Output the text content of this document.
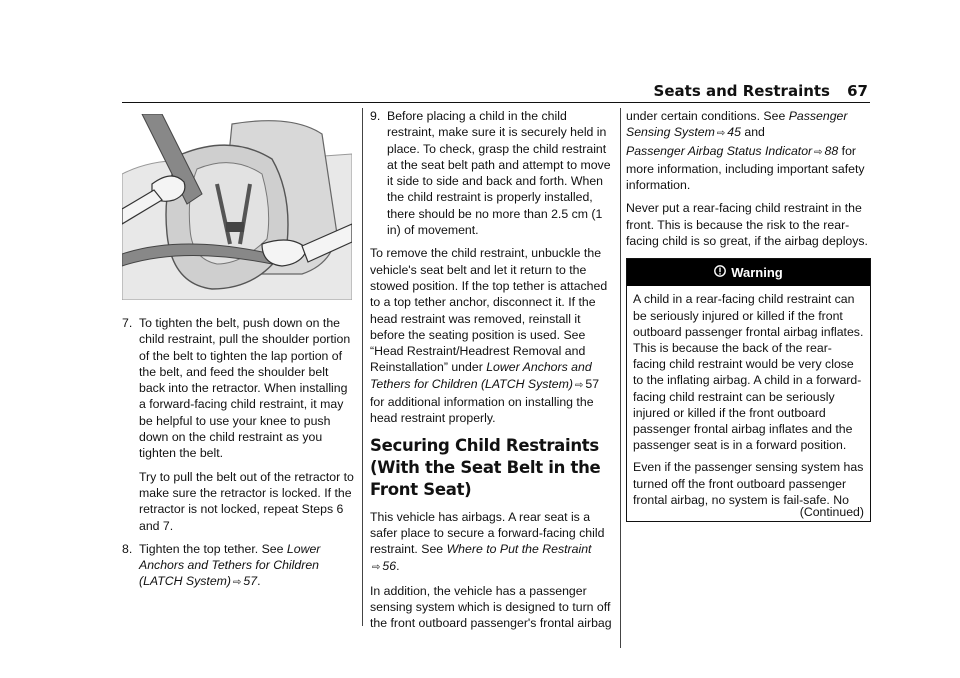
Seats and Restraints 67
7. To tighten the belt, push down on the child restraint, pull the shoulder portion of the belt to tighten the lap portion of the belt, and feed the shoulder belt back into the retractor. When installing a forward-facing child restraint, it may be helpful to use your knee to push down on the child restraint as you tighten the belt.
Try to pull the belt out of the retractor to make sure the retractor is locked. If the retractor is not locked, repeat Steps 6 and 7.
8. Tighten the top tether. See Lower Anchors and Tethers for Children (LATCH System) ⇨ 57.
9. Before placing a child in the child restraint, make sure it is securely held in place. To check, grasp the child restraint at the seat belt path and attempt to move it side to side and back and forth. When the child restraint is properly installed, there should be no more than 2.5 cm (1 in) of movement.

To remove the child restraint, unbuckle the vehicle's seat belt and let it return to the stowed position. If the top tether is attached to a top tether anchor, disconnect it. If the head restraint was removed, reinstall it before the seating position is used. See “Head Restraint/Headrest Removal and Reinstallation” under Lower Anchors and Tethers for Children (LATCH System) ⇨ 57 for additional information on installing the head restraint properly.

Securing Child Restraints (With the Seat Belt in the Front Seat)

This vehicle has airbags. A rear seat is a safer place to secure a forward-facing child restraint. See Where to Put the Restraint
⇨ 56.

In addition, the vehicle has a passenger sensing system which is designed to turn off the front outboard passenger's frontal airbag

under certain conditions. See Passenger Sensing System ⇨ 45 and
Passenger Airbag Status Indicator ⇨ 88 for more information, including important safety information.

Never put a rear-facing child restraint in the front. This is because the risk to the rear-facing child is so great, if the airbag deploys.

Warning

A child in a rear-facing child restraint can be seriously injured or killed if the front outboard passenger frontal airbag inflates. This is because the back of the rear-facing child restraint would be very close to the inflating airbag. A child in a forward-facing child restraint can be seriously injured or killed if the front outboard passenger frontal airbag inflates and the passenger seat is in a forward position.

Even if the passenger sensing system has turned off the front outboard passenger frontal airbag, no system is fail-safe. No

(Continued)
